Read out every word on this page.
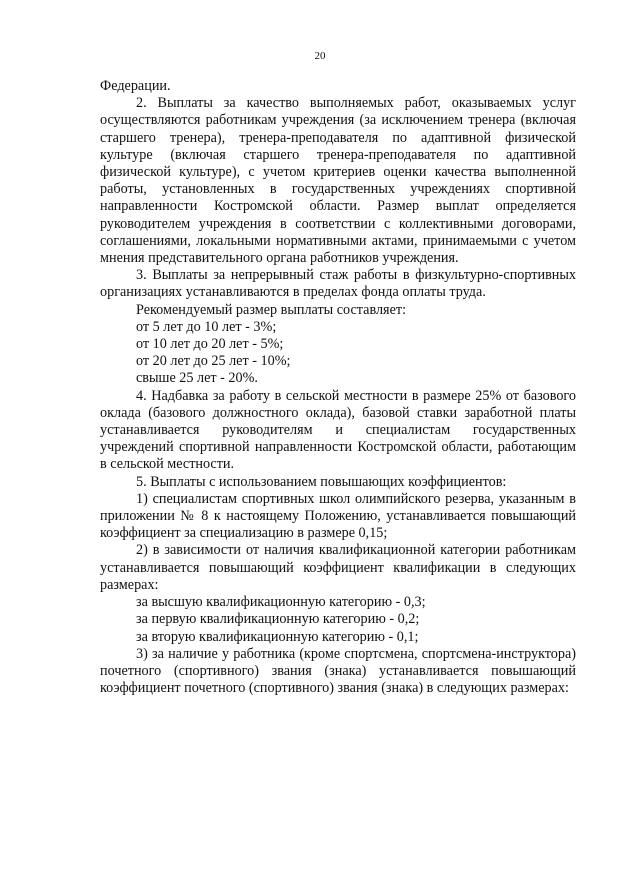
20

Федерации.

2. Выплаты за качество выполняемых работ, оказываемых услуг осуществляются работникам учреждения (за исключением тренера (включая старшего тренера), тренера-преподавателя по адаптивной физической культуре (включая старшего тренера-преподавателя по адаптивной физической культуре), с учетом критериев оценки качества выполненной работы, установленных в государственных учреждениях спортивной направленности Костромской области. Размер выплат определяется руководителем учреждения в соответствии с коллективными договорами, соглашениями, локальными нормативными актами, принимаемыми с учетом мнения представительного органа работников учреждения.

3. Выплаты за непрерывный стаж работы в физкультурно-спортивных организациях устанавливаются в пределах фонда оплаты труда.

Рекомендуемый размер выплаты составляет:

от 5 лет до 10 лет - 3%;

от 10 лет до 20 лет - 5%;

от 20 лет до 25 лет - 10%;

свыше 25 лет - 20%.

4. Надбавка за работу в сельской местности в размере 25% от базового оклада (базового должностного оклада), базовой ставки заработной платы устанавливается руководителям и специалистам государственных учреждений спортивной направленности Костромской области, работающим в сельской местности.

5. Выплаты с использованием повышающих коэффициентов:

1) специалистам спортивных школ олимпийского резерва, указанным в приложении № 8 к настоящему Положению, устанавливается повышающий коэффициент за специализацию в размере 0,15;

2) в зависимости от наличия квалификационной категории работникам устанавливается повышающий коэффициент квалификации в следующих размерах:

за высшую квалификационную категорию - 0,3;

за первую квалификационную категорию - 0,2;

за вторую квалификационную категорию - 0,1;

3) за наличие у работника (кроме спортсмена, спортсмена-инструктора) почетного (спортивного) звания (знака) устанавливается повышающий коэффициент почетного (спортивного) звания (знака) в следующих размерах:
